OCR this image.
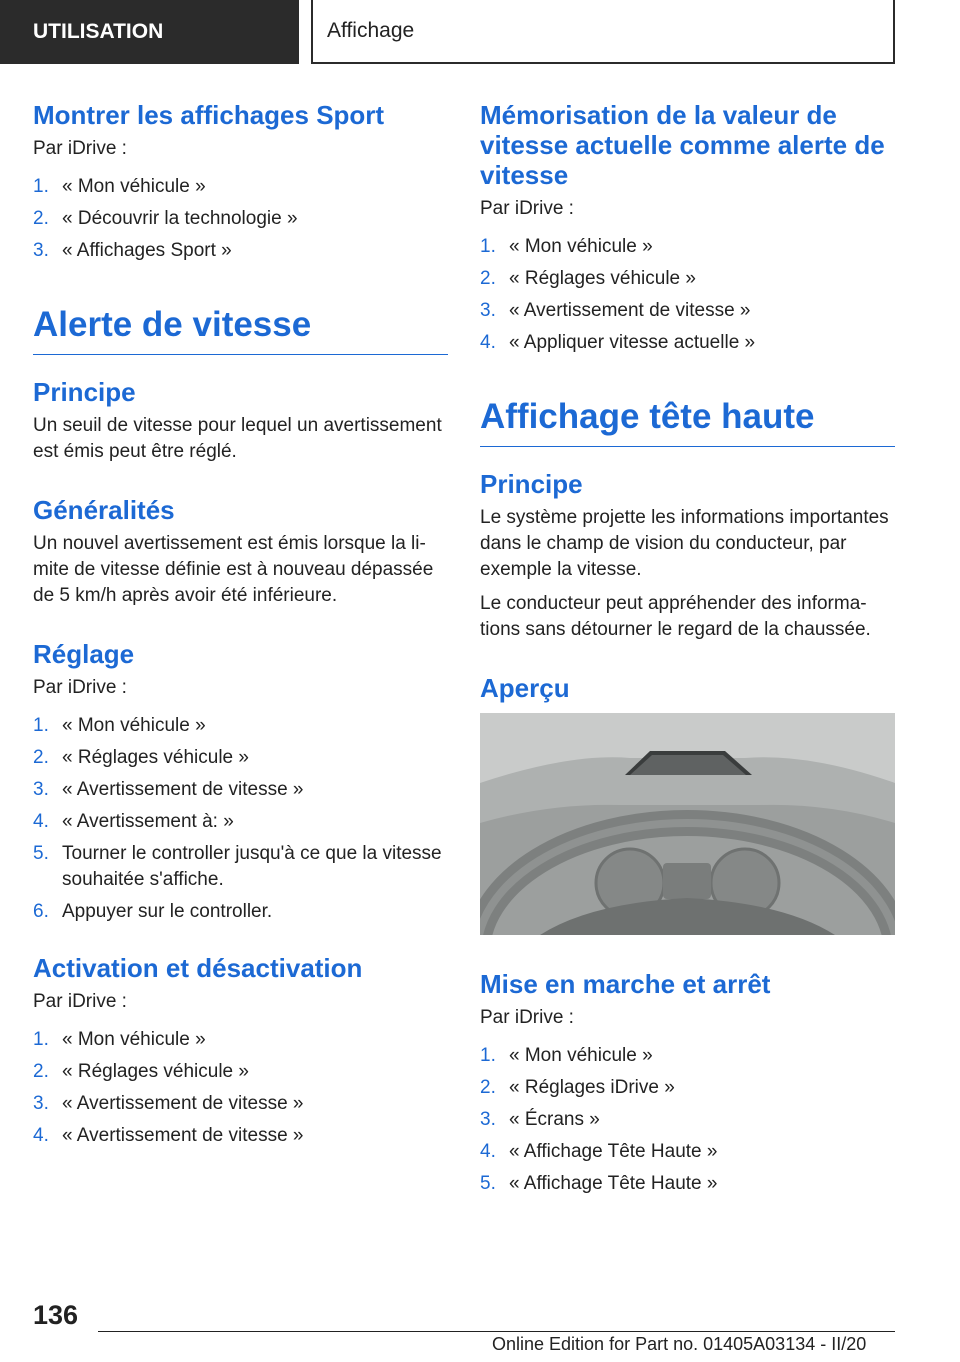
UTILISATION	Affichage
Montrer les affichages Sport

Par iDrive :

1. « Mon véhicule »
2. « Découvrir la technologie »
3. « Affichages Sport »
Alerte de vitesse
Principe

Un seuil de vitesse pour lequel un avertissement est émis peut être réglé.

Généralités

Un nouvel avertissement est émis lorsque la li-mite de vitesse définie est à nouveau dépassée de 5 km/h après avoir été inférieure.

Réglage

Par iDrive :

1. « Mon véhicule »
2. « Réglages véhicule »
3. « Avertissement de vitesse »
4. « Avertissement à: »
5. Tourner le controller jusqu'à ce que la vitesse souhaitée s'affiche.
6. Appuyer sur le controller.
Activation et désactivation

Par iDrive :

1. « Mon véhicule »
2. « Réglages véhicule »
3. « Avertissement de vitesse »
4. « Avertissement de vitesse »
Mémorisation de la valeur de vitesse actuelle comme alerte de vitesse

Par iDrive :

1. « Mon véhicule »
2. « Réglages véhicule »
3. « Avertissement de vitesse »
4. « Appliquer vitesse actuelle »
Affichage tête haute
Principe

Le système projette les informations importantes dans le champ de vision du conducteur, par exemple la vitesse.

Le conducteur peut appréhender des informa-tions sans détourner le regard de la chaussée.

Aperçu
Mise en marche et arrêt

Par iDrive :

1. « Mon véhicule »
2. « Réglages iDrive »
3. « Écrans »
4. « Affichage Tête Haute »
5. « Affichage Tête Haute »
136
Online Edition for Part no. 01405A03134 - II/20
